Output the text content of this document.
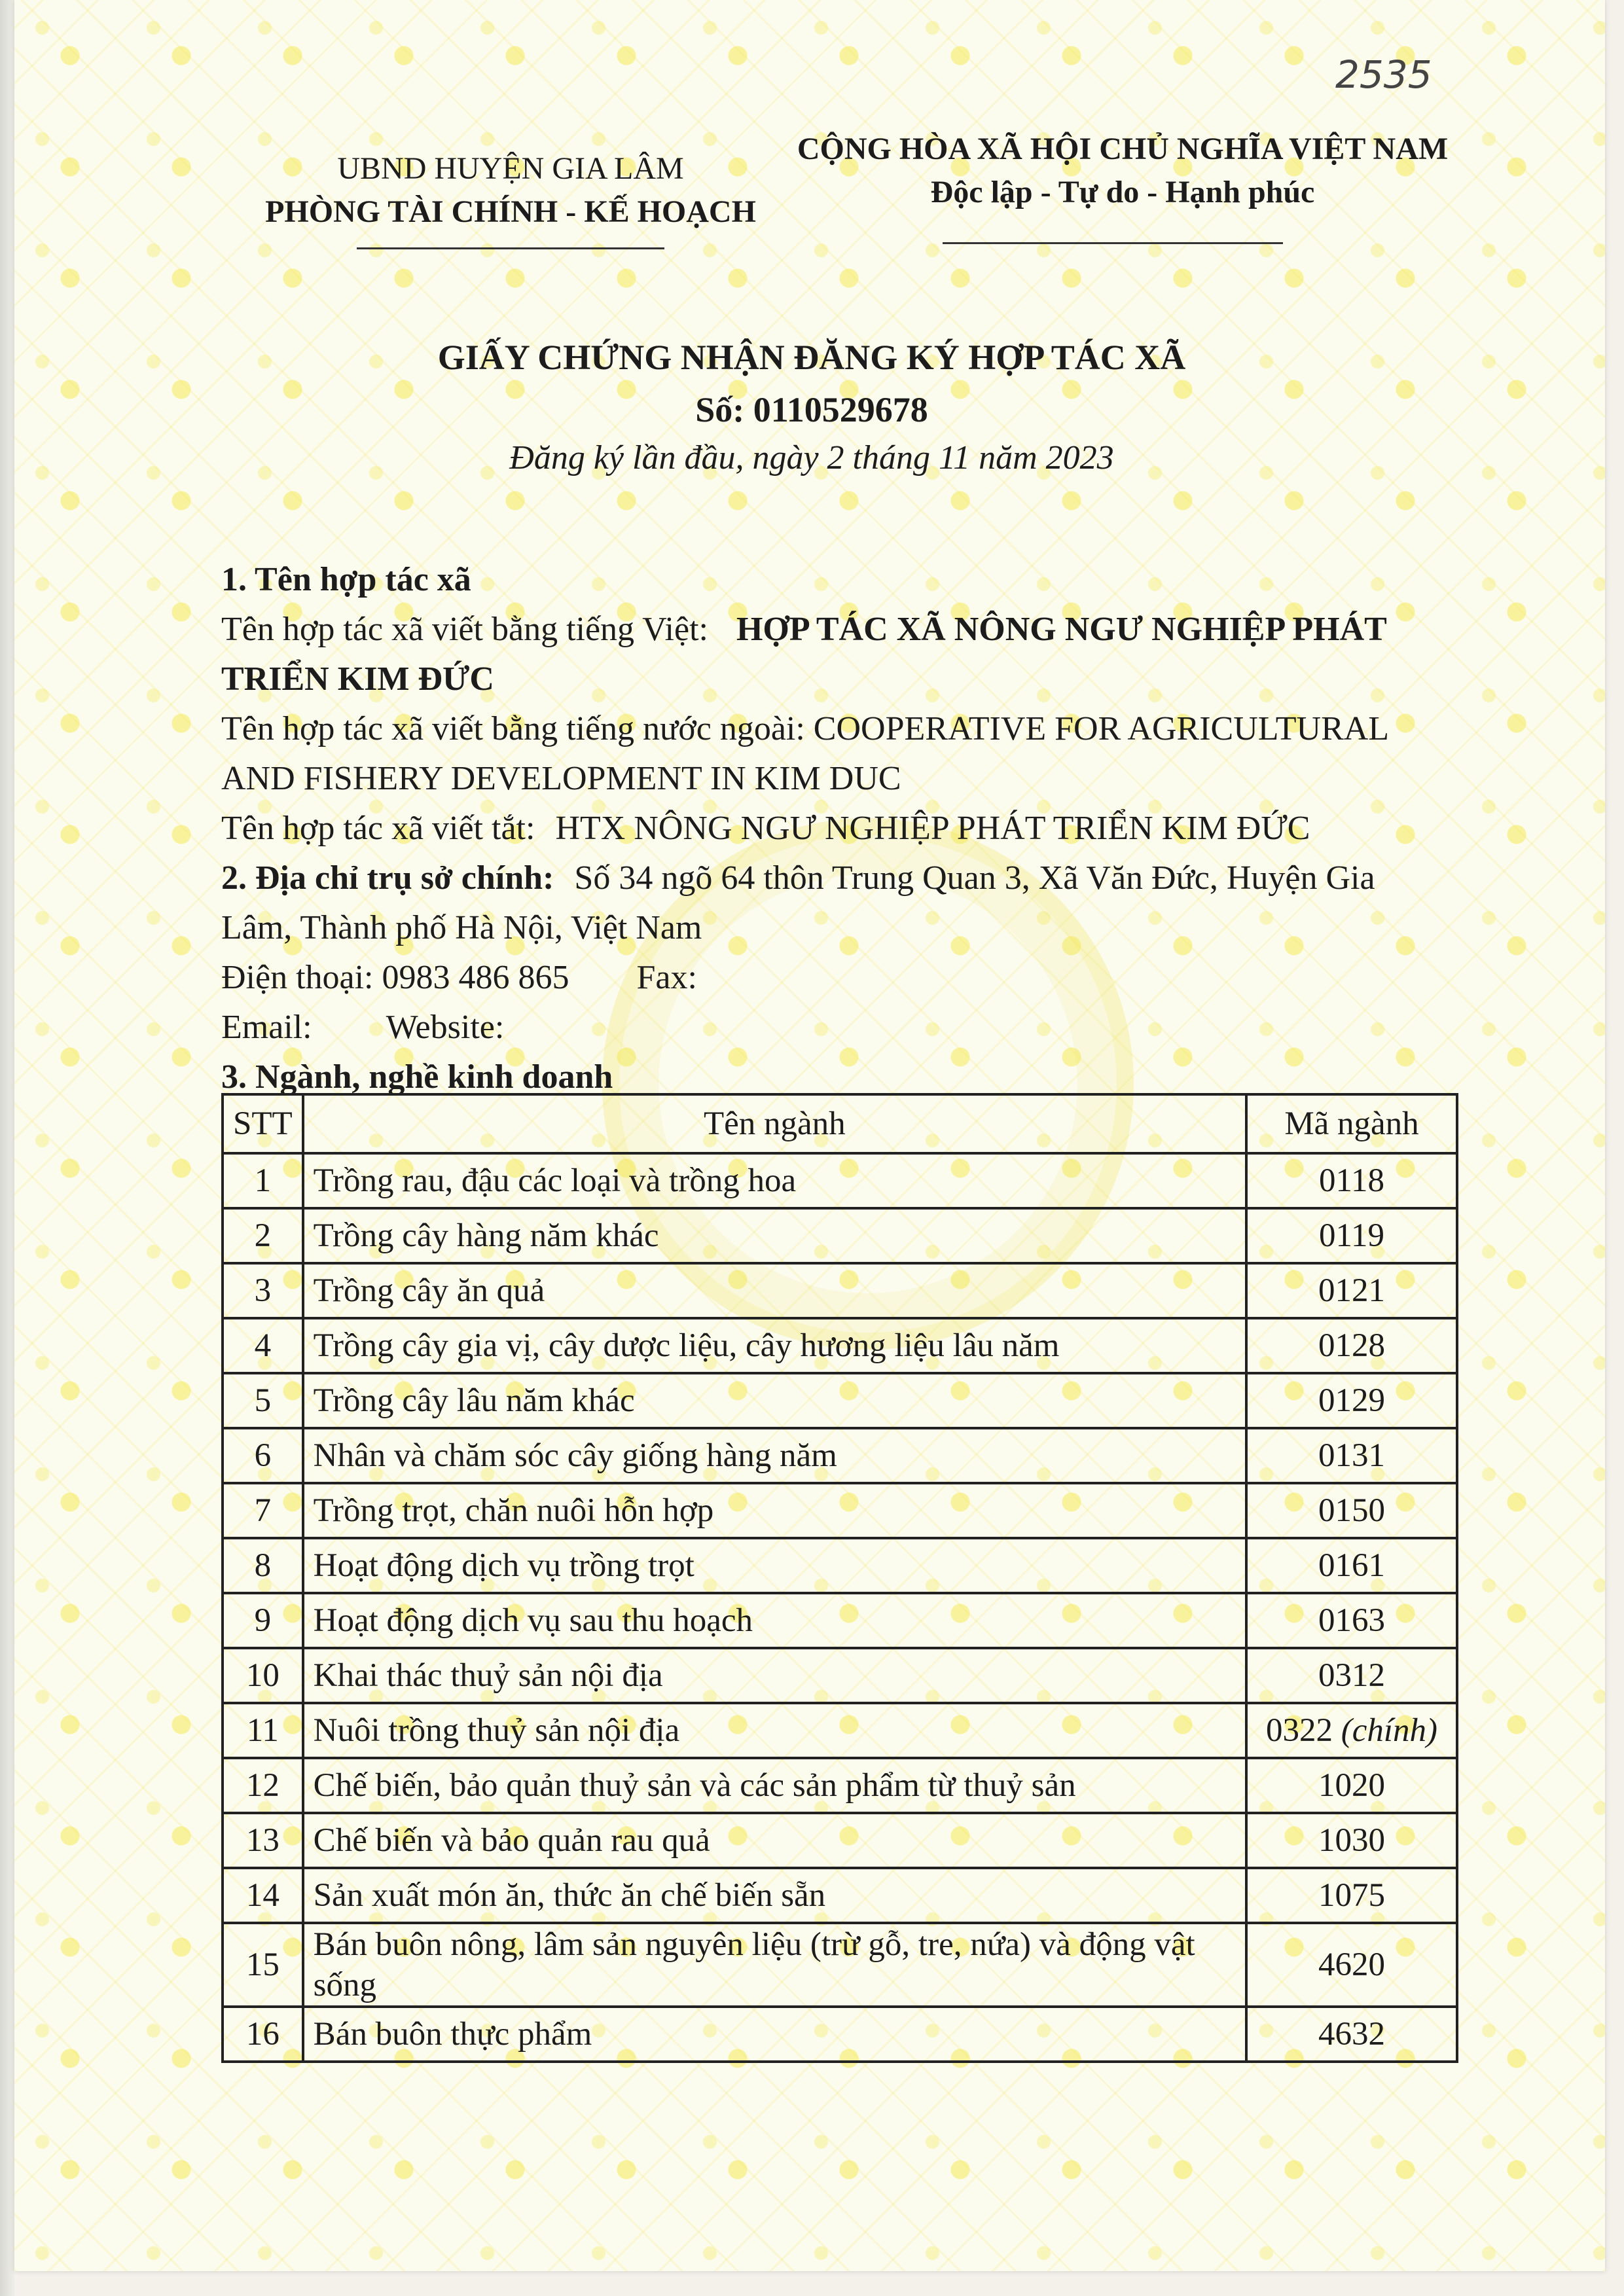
2535
UBND HUYỆN GIA LÂM
PHÒNG TÀI CHÍNH - KẾ HOẠCH
CỘNG HÒA XÃ HỘI CHỦ NGHĨA VIỆT NAM
Độc lập - Tự do - Hạnh phúc
GIẤY CHỨNG NHẬN ĐĂNG KÝ HỢP TÁC XÃ
Số: 0110529678
Đăng ký lần đầu, ngày 2 tháng 11 năm 2023
1. Tên hợp tác xã
Tên hợp tác xã viết bằng tiếng Việt: HỢP TÁC XÃ NÔNG NGƯ NGHIỆP PHÁT TRIỂN KIM ĐỨC
Tên hợp tác xã viết bằng tiếng nước ngoài: COOPERATIVE FOR AGRICULTURAL AND FISHERY DEVELOPMENT IN KIM DUC
Tên hợp tác xã viết tắt: HTX NÔNG NGƯ NGHIỆP PHÁT TRIỂN KIM ĐỨC
2. Địa chỉ trụ sở chính: Số 34 ngõ 64 thôn Trung Quan 3, Xã Văn Đức, Huyện Gia Lâm, Thành phố Hà Nội, Việt Nam
Điện thoại: 0983 486 865 Fax:
Email: Website:
3. Ngành, nghề kinh doanh
STT	Tên ngành	Mã ngành
1	Trồng rau, đậu các loại và trồng hoa	0118
2	Trồng cây hàng năm khác	0119
3	Trồng cây ăn quả	0121
4	Trồng cây gia vị, cây dược liệu, cây hương liệu lâu năm	0128
5	Trồng cây lâu năm khác	0129
6	Nhân và chăm sóc cây giống hàng năm	0131
7	Trồng trọt, chăn nuôi hỗn hợp	0150
8	Hoạt động dịch vụ trồng trọt	0161
9	Hoạt động dịch vụ sau thu hoạch	0163
10	Khai thác thuỷ sản nội địa	0312
11	Nuôi trồng thuỷ sản nội địa	0322 (chính)
12	Chế biến, bảo quản thuỷ sản và các sản phẩm từ thuỷ sản	1020
13	Chế biến và bảo quản rau quả	1030
14	Sản xuất món ăn, thức ăn chế biến sẵn	1075
15	Bán buôn nông, lâm sản nguyên liệu (trừ gỗ, tre, nứa) và động vật sống	4620
16	Bán buôn thực phẩm	4632
